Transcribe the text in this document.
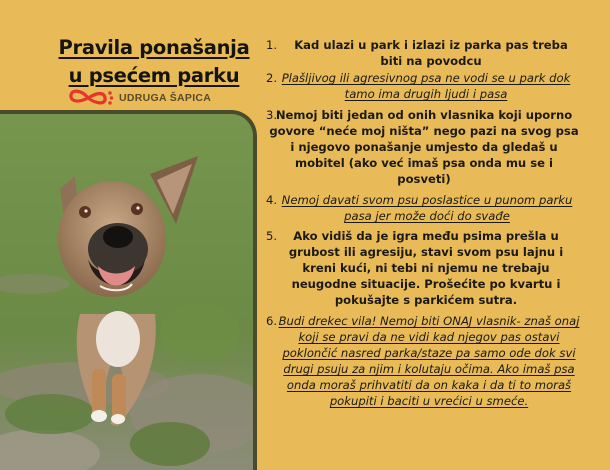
Pravila ponašanja
u psećem parku
UDRUGA ŠAPICA
1.	Kad ulazi u park i izlazi iz parka pas treba biti na povodcu
2. Plašljivog ili agresivnog psa ne vodi se u park dok tamo ima drugih ljudi i pasa
3.
Nemoj biti jedan od onih vlasnika koji uporno govore “neće moj ništa” nego pazi na svog psa i njegovo ponašanje umjesto da gledaš u mobitel (ako već imaš psa onda mu se i posveti)
4. Nemoj davati svom psu poslastice u punom parku pasa jer može doći do svađe
5.	Ako vidiš da je igra među psima prešla u grubost ili agresiju, stavi svom psu lajnu i kreni kući, ni tebi ni njemu ne trebaju neugodne situacije. Prošećite po kvartu i pokušajte s parkićem sutra.
6. Budi drekec vila! Nemoj biti ONAJ vlasnik- znaš onaj koji se pravi da ne vidi kad njegov pas ostavi poklončić nasred parka/staze pa samo ode dok svi drugi psuju za njim i kolutaju očima. Ako imaš psa onda moraš prihvatiti da on kaka i da ti to moraš pokupiti i baciti u vrećici u smeće.
